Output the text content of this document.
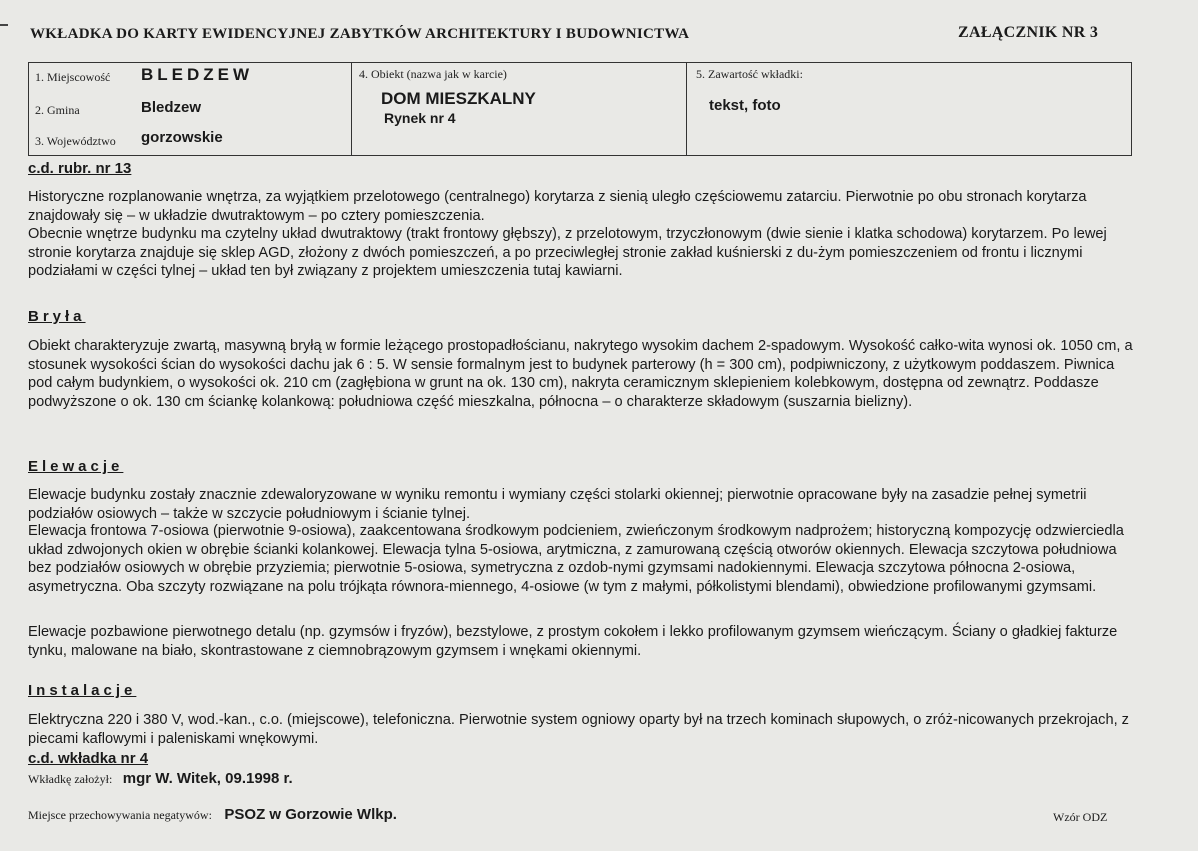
WKŁADKA DO KARTY EWIDENCYJNEJ ZABYTKÓW ARCHITEKTURY I BUDOWNICTWA	ZAŁĄCZNIK NR 3
1. Miejscowość BLEDZEW
2. Gmina	Bledzew
3. Województwo gorzowskie
4. Obiekt (nazwa jak w karcie)
DOM MIESZKALNY
Rynek nr 4
5. Zawartość wkładki:
tekst, foto

c.d. rubr. nr 13

Historyczne rozplanowanie wnętrza, za wyjątkiem przelotowego (centralnego) korytarza z sienią uległo częściowemu zatarciu. Pierwotnie po obu stronach korytarza znajdowały się – w układzie dwutraktowym – po cztery pomieszczenia.

Obecnie wnętrze budynku ma czytelny układ dwutraktowy (trakt frontowy głębszy), z przelotowym, trzyczłonowym (dwie sienie i klatka schodowa) korytarzem. Po lewej stronie korytarza znajduje się sklep AGD, złożony z dwóch pomieszczeń, a po przeciwległej stronie zakład kuśnierski z du-żym pomieszczeniem od frontu i licznymi podziałami w części tylnej – układ ten był związany z projektem umieszczenia tutaj kawiarni.

Bryła

Obiekt charakteryzuje zwartą, masywną bryłą w formie leżącego prostopadłościanu, nakrytego wysokim dachem 2-spadowym. Wysokość całko-wita wynosi ok. 1050 cm, a stosunek wysokości ścian do wysokości dachu jak 6 : 5. W sensie formalnym jest to budynek parterowy (h = 300 cm), podpiwniczony, z użytkowym poddaszem. Piwnica pod całym budynkiem, o wysokości ok. 210 cm (zagłębiona w grunt na ok. 130 cm), nakryta ceramicznym sklepieniem kolebkowym, dostępna od zewnątrz. Poddasze podwyższone o ok. 130 cm ściankę kolankową: południowa część mieszkalna, północna – o charakterze składowym (suszarnia bielizny).

Elewacje

Elewacje budynku zostały znacznie zdewaloryzowane w wyniku remontu i wymiany części stolarki okiennej; pierwotnie opracowane były na zasadzie pełnej symetrii podziałów osiowych – także w szczycie południowym i ścianie tylnej.

Elewacja frontowa 7-osiowa (pierwotnie 9-osiowa), zaakcentowana środkowym podcieniem, zwieńczonym środkowym nadprożem; historyczną kompozycję odzwierciedla układ zdwojonych okien w obrębie ścianki kolankowej. Elewacja tylna 5-osiowa, arytmiczna, z zamurowaną częścią otworów okiennych. Elewacja szczytowa południowa bez podziałów osiowych w obrębie przyziemia; pierwotnie 5-osiowa, symetryczna z ozdob-nymi gzymsami nadokiennymi. Elewacja szczytowa północna 2-osiowa, asymetryczna. Oba szczyty rozwiązane na polu trójkąta równora-miennego, 4-osiowe (w tym z małymi, półkolistymi blendami), obwiedzione profilowanymi gzymsami.

Elewacje pozbawione pierwotnego detalu (np. gzymsów i fryzów), bezstylowe, z prostym cokołem i lekko profilowanym gzymsem wieńczącym. Ściany o gładkiej fakturze tynku, malowane na biało, skontrastowane z ciemnobrązowym gzymsem i wnękami okiennymi.

Instalacje

Elektryczna 220 i 380 V, wod.-kan., c.o. (miejscowe), telefoniczna. Pierwotnie system ogniowy oparty był na trzech kominach słupowych, o zróż-nicowanych przekrojach, z piecami kaflowymi i paleniskami wnękowymi.

c.d. wkładka nr 4

Wkładkę założył: mgr W. Witek, 09.1998 r.
Miejsce przechowywania negatywów: PSOZ w Gorzowie Wlkp.	Wzór ODZ
